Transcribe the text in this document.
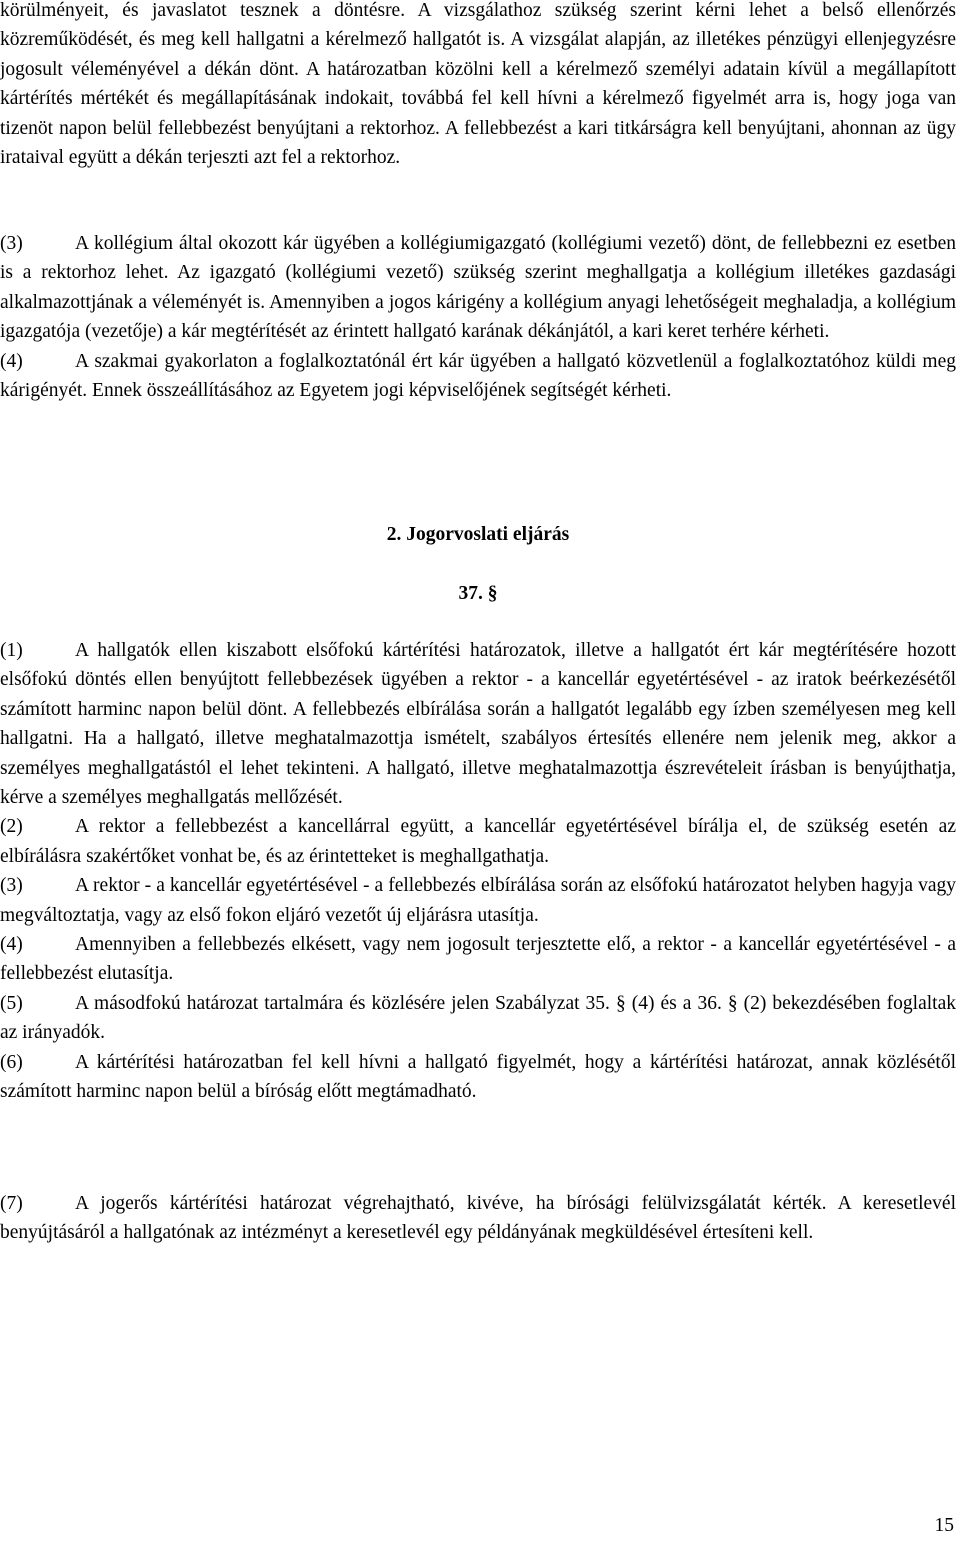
körülményeit, és javaslatot tesznek a döntésre. A vizsgálathoz szükség szerint kérni lehet a belső ellenőrzés közreműködését, és meg kell hallgatni a kérelmező hallgatót is. A vizsgálat alapján, az illetékes pénzügyi ellenjegyzésre jogosult véleményével a dékán dönt. A határozatban közölni kell a kérelmező személyi adatain kívül a megállapított kártérítés mértékét és megállapításának indokait, továbbá fel kell hívni a kérelmező figyelmét arra is, hogy joga van tizenöt napon belül fellebbezést benyújtani a rektorhoz. A fellebbezést a kari titkárságra kell benyújtani, ahonnan az ügy irataival együtt a dékán terjeszti azt fel a rektorhoz.

(3)	A kollégium által okozott kár ügyében a kollégiumigazgató (kollégiumi vezető) dönt, de fellebbezni ez esetben is a rektorhoz lehet. Az igazgató (kollégiumi vezető) szükség szerint meghallgatja a kollégium illetékes gazdasági alkalmazottjának a véleményét is. Amennyiben a jogos kárigény a kollégium anyagi lehetőségeit meghaladja, a kollégium igazgatója (vezetője) a kár megtérítését az érintett hallgató karának dékánjától, a kari keret terhére kérheti.

(4)	A szakmai gyakorlaton a foglalkoztatónál ért kár ügyében a hallgató közvetlenül a foglalkoztatóhoz küldi meg kárigényét. Ennek összeállításához az Egyetem jogi képviselőjének segítségét kérheti.

2. Jogorvoslati eljárás

37. §

(1)	A hallgatók ellen kiszabott elsőfokú kártérítési határozatok, illetve a hallgatót ért kár megtérítésére hozott elsőfokú döntés ellen benyújtott fellebbezések ügyében a rektor - a kancellár egyetértésével - az iratok beérkezésétől számított harminc napon belül dönt. A fellebbezés elbírálása során a hallgatót legalább egy ízben személyesen meg kell hallgatni. Ha a hallgató, illetve meghatalmazottja ismételt, szabályos értesítés ellenére nem jelenik meg, akkor a személyes meghallgatástól el lehet tekinteni. A hallgató, illetve meghatalmazottja észrevételeit írásban is benyújthatja, kérve a személyes meghallgatás mellőzését.

(2)	A rektor a fellebbezést a kancellárral együtt, a kancellár egyetértésével bírálja el, de szükség esetén az elbírálásra szakértőket vonhat be, és az érintetteket is meghallgathatja.

(3)	A rektor - a kancellár egyetértésével - a fellebbezés elbírálása során az elsőfokú határozatot helyben hagyja vagy megváltoztatja, vagy az első fokon eljáró vezetőt új eljárásra utasítja.

(4)	Amennyiben a fellebbezés elkésett, vagy nem jogosult terjesztette elő, a rektor - a kancellár egyetértésével - a fellebbezést elutasítja.

(5)	A másodfokú határozat tartalmára és közlésére jelen Szabályzat 35. § (4) és a 36. § (2) bekezdésében foglaltak az irányadók.

(6)	A kártérítési határozatban fel kell hívni a hallgató figyelmét, hogy a kártérítési határozat, annak közlésétől számított harminc napon belül a bíróság előtt megtámadható.

(7)	A jogerős kártérítési határozat végrehajtható, kivéve, ha bírósági felülvizsgálatát kérték. A keresetlevél benyújtásáról a hallgatónak az intézményt a keresetlevél egy példányának megküldésével értesíteni kell.

15
